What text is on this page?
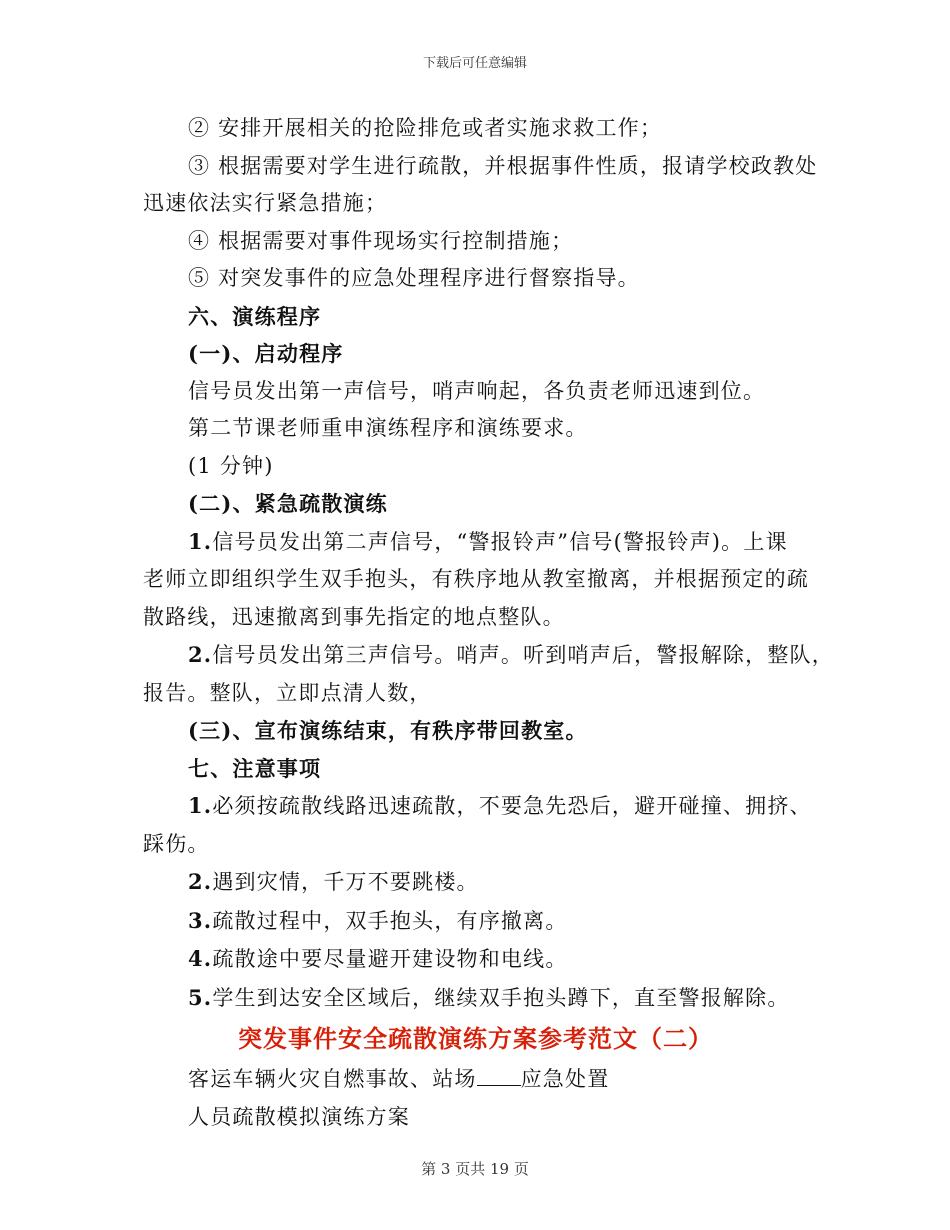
下载后可任意编辑
② 安排开展相关的抢险排危或者实施求救工作；
③ 根据需要对学生进行疏散，并根据事件性质，报请学校政教处
迅速依法实行紧急措施；
④ 根据需要对事件现场实行控制措施；
⑤ 对突发事件的应急处理程序进行督察指导。
六、演练程序
(一)、启动程序
信号员发出第一声信号，哨声响起，各负责老师迅速到位。
第二节课老师重申演练程序和演练要求。
(1 分钟)
(二)、紧急疏散演练
1.信号员发出第二声信号，“警报铃声”信号(警报铃声)。上课
老师立即组织学生双手抱头，有秩序地从教室撤离，并根据预定的疏
散路线，迅速撤离到事先指定的地点整队。
2.信号员发出第三声信号。哨声。听到哨声后，警报解除，整队，
报告。整队，立即点清人数，
(三)、宣布演练结束，有秩序带回教室。
七、注意事项
1.必须按疏散线路迅速疏散，不要急先恐后，避开碰撞、拥挤、
踩伤。
2.遇到灾情，千万不要跳楼。
3.疏散过程中，双手抱头，有序撤离。
4.疏散途中要尽量避开建设物和电线。
5.学生到达安全区域后，继续双手抱头蹲下，直至警报解除。
突发事件安全疏散演练方案参考范文（二）
客运车辆火灾自燃事故、站场 应急处置
人员疏散模拟演练方案
第 3 页共 19 页
